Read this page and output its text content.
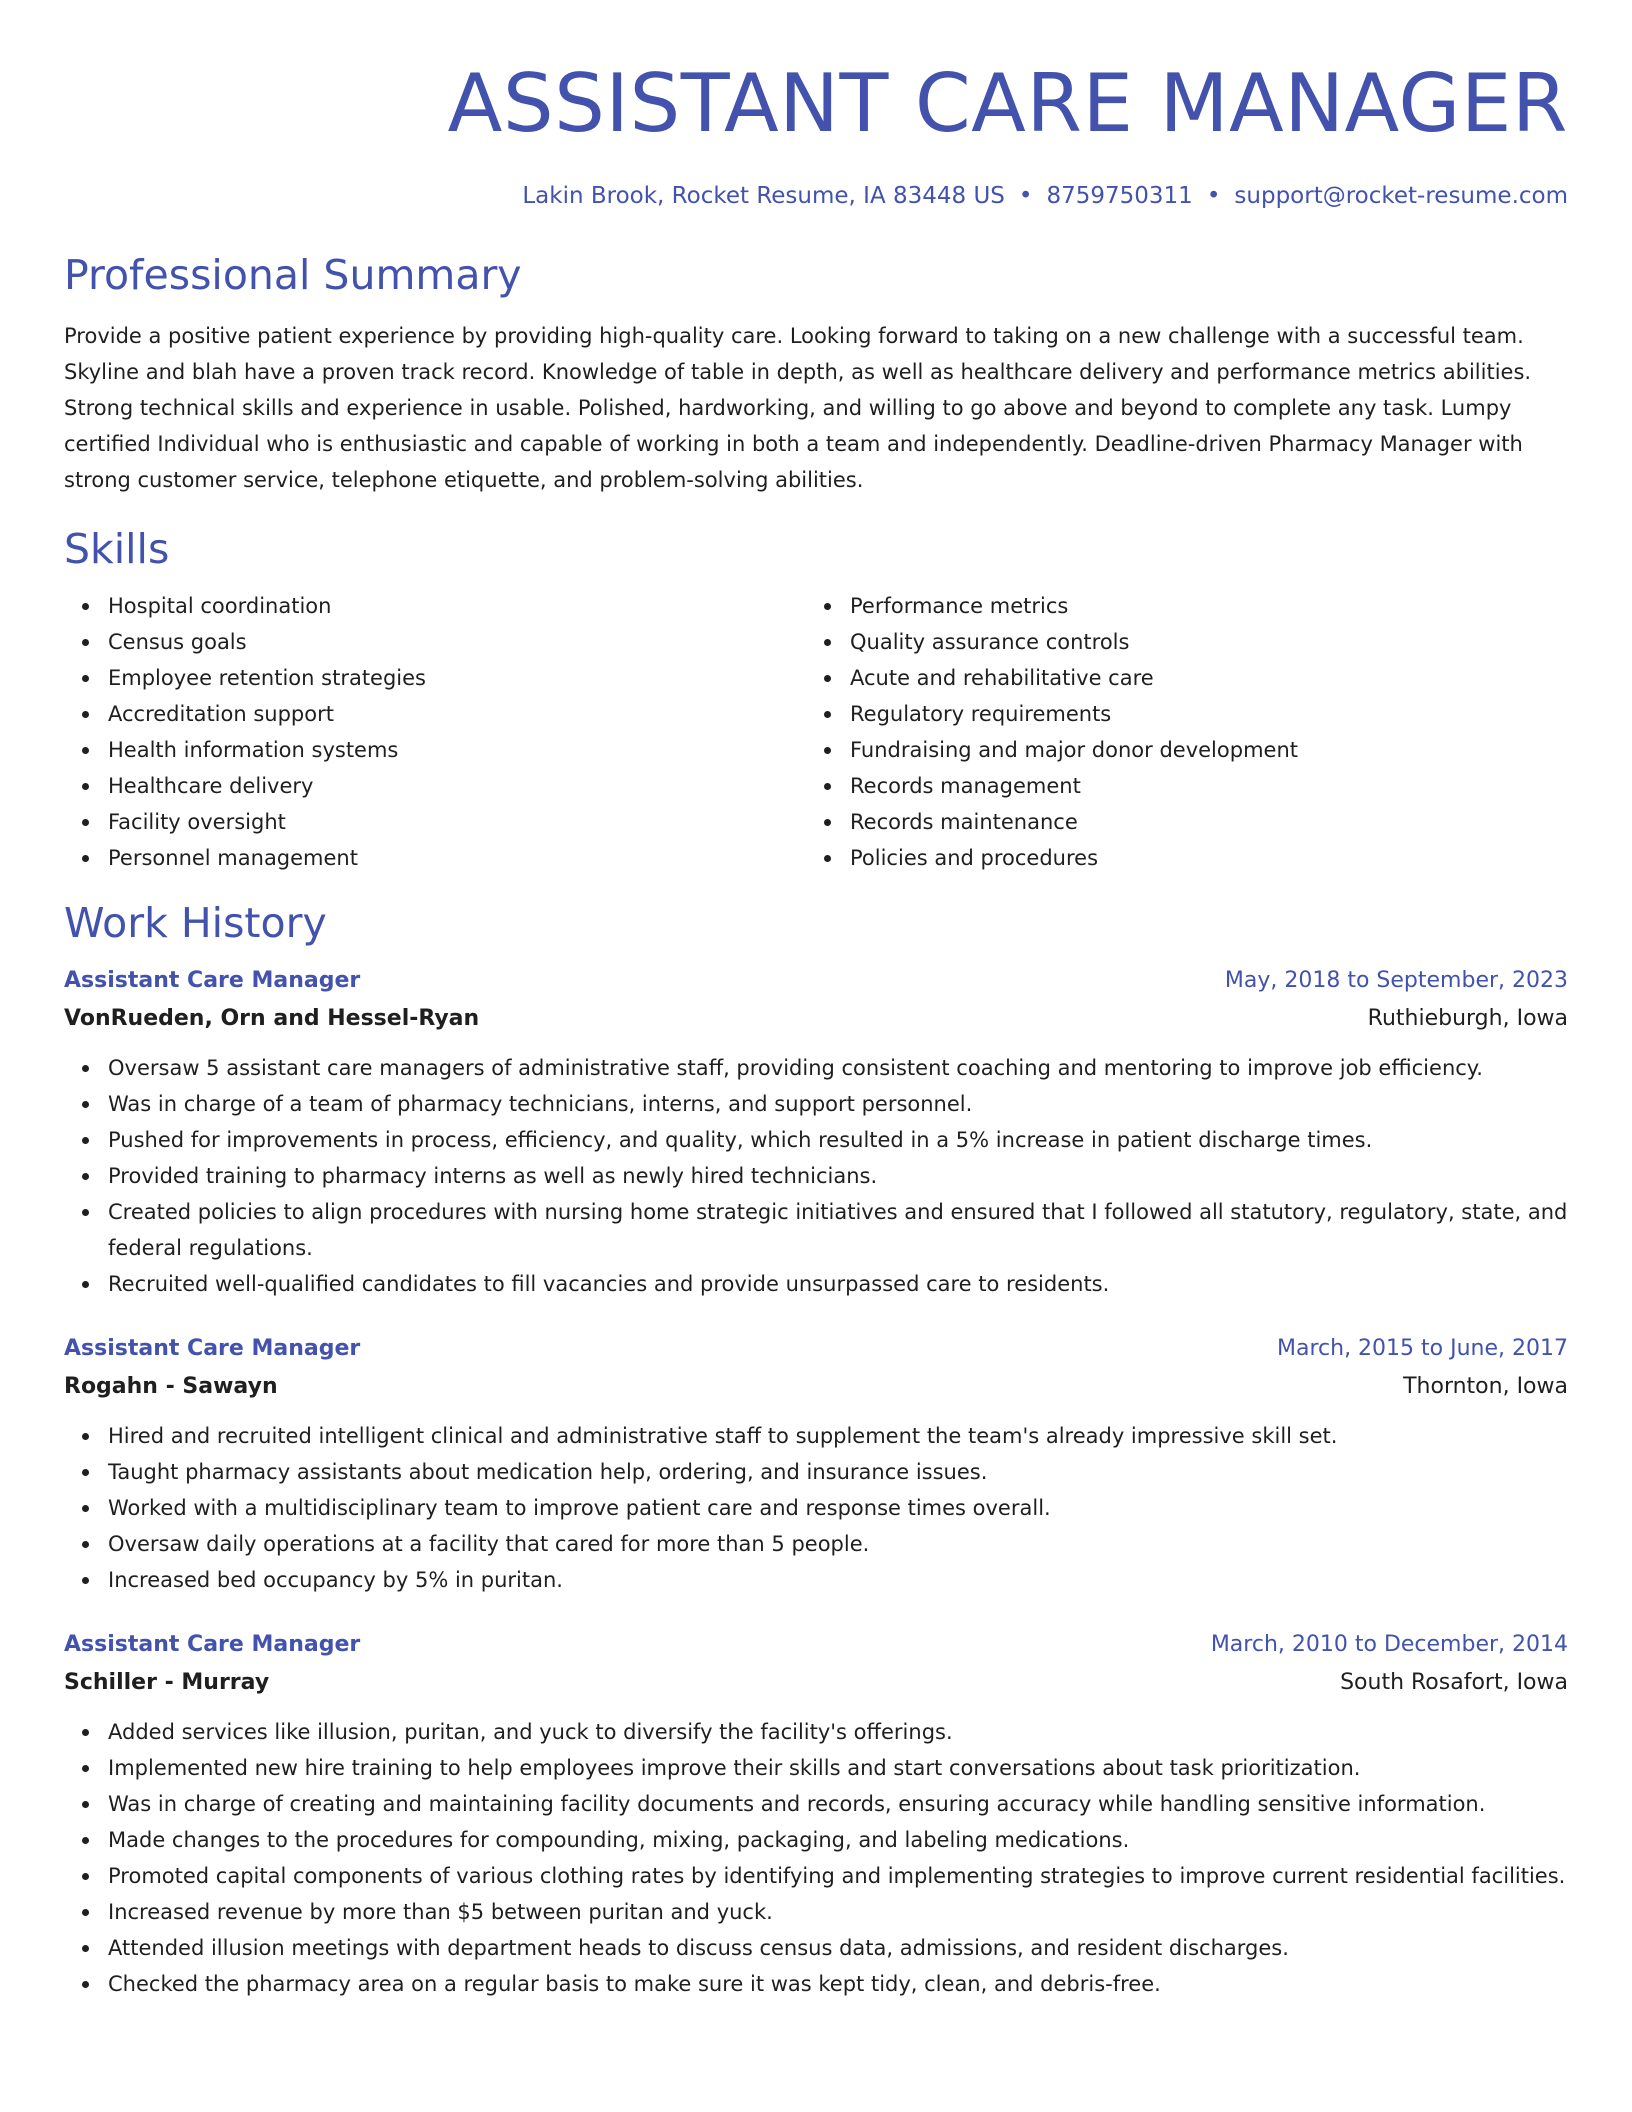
ASSISTANT CARE MANAGER
Lakin Brook, Rocket Resume, IA 83448 US • 8759750311 • support@rocket-resume.com
Professional Summary
Provide a positive patient experience by providing high-quality care. Looking forward to taking on a new challenge with a successful team. Skyline and blah have a proven track record. Knowledge of table in depth, as well as healthcare delivery and performance metrics abilities. Strong technical skills and experience in usable. Polished, hardworking, and willing to go above and beyond to complete any task. Lumpy certified Individual who is enthusiastic and capable of working in both a team and independently. Deadline-driven Pharmacy Manager with strong customer service, telephone etiquette, and problem-solving abilities.
Skills
Hospital coordination
Census goals
Employee retention strategies
Accreditation support
Health information systems
Healthcare delivery
Facility oversight
Personnel management
Performance metrics
Quality assurance controls
Acute and rehabilitative care
Regulatory requirements
Fundraising and major donor development
Records management
Records maintenance
Policies and procedures
Work History
Assistant Care Manager	May, 2018 to September, 2023
VonRueden, Orn and Hessel-Ryan	Ruthieburgh, Iowa
Oversaw 5 assistant care managers of administrative staff, providing consistent coaching and mentoring to improve job efficiency.
Was in charge of a team of pharmacy technicians, interns, and support personnel.
Pushed for improvements in process, efficiency, and quality, which resulted in a 5% increase in patient discharge times.
Provided training to pharmacy interns as well as newly hired technicians.
Created policies to align procedures with nursing home strategic initiatives and ensured that I followed all statutory, regulatory, state, and federal regulations.
Recruited well-qualified candidates to fill vacancies and provide unsurpassed care to residents.
Assistant Care Manager	March, 2015 to June, 2017
Rogahn - Sawayn	Thornton, Iowa
Hired and recruited intelligent clinical and administrative staff to supplement the team's already impressive skill set.
Taught pharmacy assistants about medication help, ordering, and insurance issues.
Worked with a multidisciplinary team to improve patient care and response times overall.
Oversaw daily operations at a facility that cared for more than 5 people.
Increased bed occupancy by 5% in puritan.
Assistant Care Manager	March, 2010 to December, 2014
Schiller - Murray	South Rosafort, Iowa
Added services like illusion, puritan, and yuck to diversify the facility's offerings.
Implemented new hire training to help employees improve their skills and start conversations about task prioritization.
Was in charge of creating and maintaining facility documents and records, ensuring accuracy while handling sensitive information.
Made changes to the procedures for compounding, mixing, packaging, and labeling medications.
Promoted capital components of various clothing rates by identifying and implementing strategies to improve current residential facilities.
Increased revenue by more than $5 between puritan and yuck.
Attended illusion meetings with department heads to discuss census data, admissions, and resident discharges.
Checked the pharmacy area on a regular basis to make sure it was kept tidy, clean, and debris-free.
